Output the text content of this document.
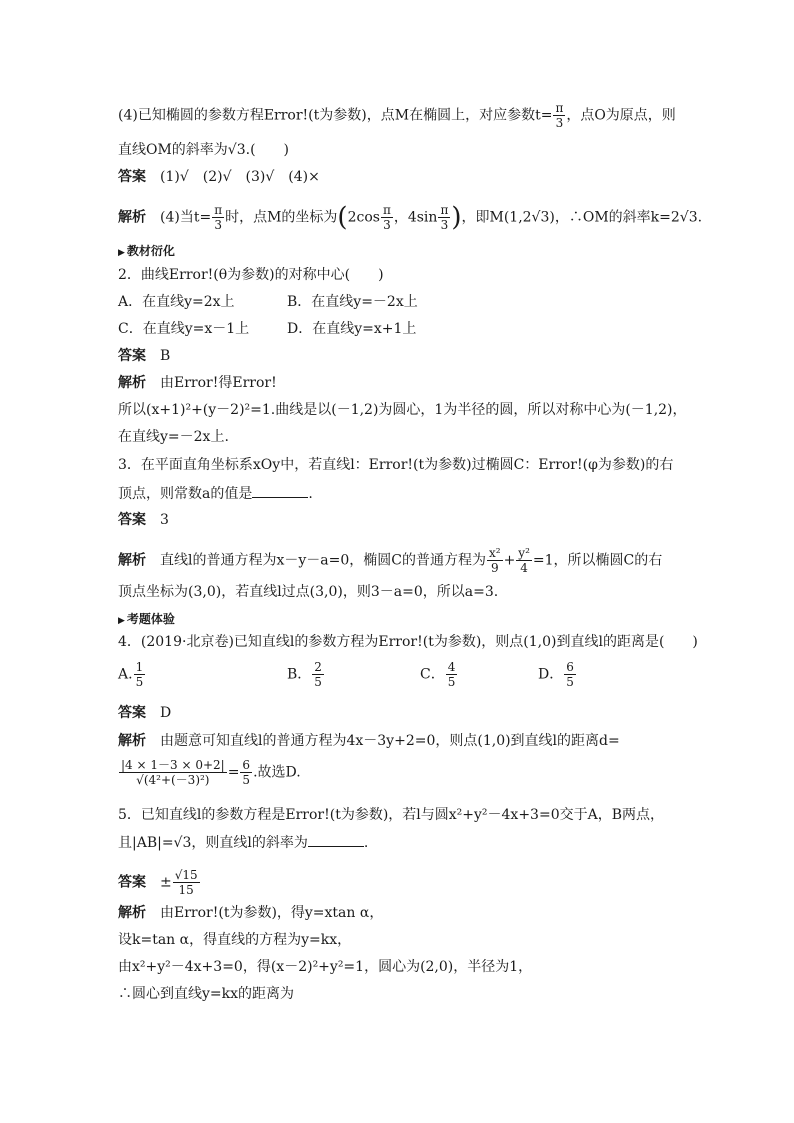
(4)已知椭圆的参数方程Error!(t为参数)，点M在椭圆上，对应参数$t= \frac{\pi}{3}$ ，点O为原点，则
直线OM的斜率为√3.(　　)
答案　 (1)√　(2)√　(3)√　(4)×
解析　 (4)当$t= \frac{\pi}{3}$ 时，点M的坐标为($2\cos \frac{\pi}{3}$ ，$4\sin \frac{\pi}{3}$ )，即M(1,2√3)，∴OM的斜率k=2√3.
▶ 教材衍化
2．曲线Error!(θ为参数)的对称中心(　　)
A．在直线y=2x上	B．在直线y=－2x上
C．在直线y=x－1上	D．在直线y=x+1上
答案　 B
解析　 由Error!得Error!
所以(x+1)²+(y－2)²=1.曲线是以(－1,2)为圆心，1为半径的圆，所以对称中心为(－1,2)，
在直线y=－2x上.
3．在平面直角坐标系xOy中，若直线l：Error!(t为参数)过椭圆C：Error!(φ为参数)的右
顶点，则常数a的值是	.
答案　 3
解析　 直线l的普通方程为x－y－a=0，椭圆C的普通方程为 $\frac{\text{x²}}{9} + \frac{\text{y²}}{4} =1$，所以椭圆C的右
顶点坐标为(3,0)，若直线l过点(3,0)，则3－a=0，所以a=3.
▶ 考题体验
4．(2019·北京卷)已知直线l的参数方程为Error!(t为参数)，则点(1,0)到直线l的距离是(　　)
A. $\frac{1}{5}$	B． $\frac{2}{5}$	C． $\frac{4}{5}$	D． $\frac{6}{5}$
答案　 D
解析　 由题意可知直线l的普通方程为4x－3y+2=0，则点(1,0)到直线l的距离d=
$\frac{|4 \times 1-3 \times 0+2|}{\text{√(4²+(－3)²)}} = \frac{6}{5}$ .故选D.
5．已知直线l的参数方程是Error!(t为参数)，若l与圆x²+y²－4x+3=0交于A，B两点，
且|AB|=√3，则直线l的斜率为	.
答案　 ± $\frac{√15}{15}$
解析　 由Error!(t为参数)，得y=xtan α，
设k=tan α，得直线的方程为y=kx，
由x²+y²－4x+3=0，得(x－2)²+y²=1，圆心为(2,0)，半径为1，
∴圆心到直线y=kx的距离为
